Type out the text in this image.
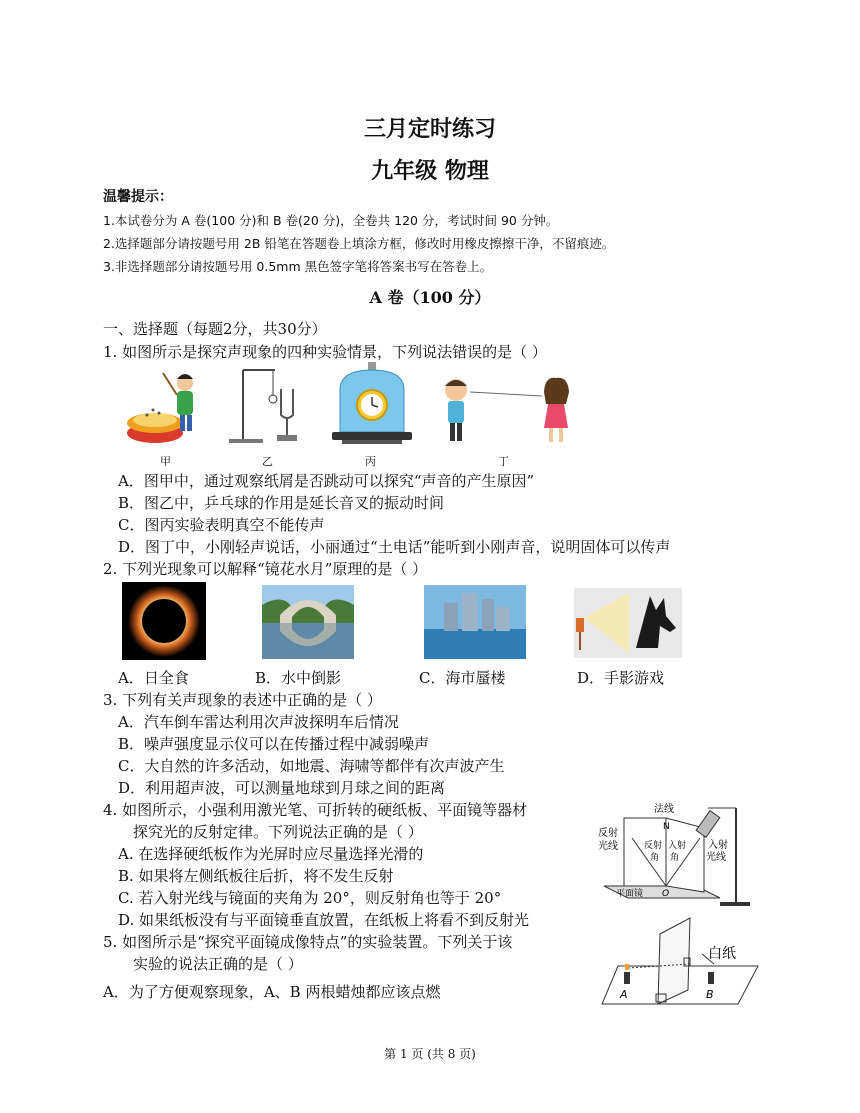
三月定时练习
九年级 物理
温馨提示：
1.本试卷分为 A 卷(100 分)和 B 卷(20 分)，全卷共 120 分，考试时间 90 分钟。
2.选择题部分请按题号用 2B 铅笔在答题卷上填涂方框，修改时用橡皮擦擦干净，不留痕迹。
3.非选择题部分请按题号用 0.5mm 黑色签字笔将答案书写在答卷上。
A 卷（100 分）
一、选择题（每题2分，共30分）
1. 如图所示是探究声现象的四种实验情景，下列说法错误的是（ ）
甲	乙	丙	丁
A．图甲中，通过观察纸屑是否跳动可以探究“声音的产生原因”
B．图乙中，乒乓球的作用是延长音叉的振动时间
C．图丙实验表明真空不能传声
D．图丁中，小刚轻声说话，小丽通过“土电话”能听到小刚声音，说明固体可以传声
2. 下列光现象可以解释“镜花水月”原理的是（ ）
A．日全食	B．水中倒影	C．海市蜃楼	D．手影游戏
3. 下列有关声现象的表述中正确的是（ ）
A．汽车倒车雷达利用次声波探明车后情况
B．噪声强度显示仪可以在传播过程中减弱噪声
C．大自然的许多活动，如地震、海啸等都伴有次声波产生
D．利用超声波，可以测量地球到月球之间的距离
4. 如图所示，小强利用激光笔、可折转的硬纸板、平面镜等器材
探究光的反射定律。下列说法正确的是（ ）
A. 在选择硬纸板作为光屏时应尽量选择光滑的
B. 如果将左侧纸板往后折，将不发生反射
C. 若入射光线与镜面的夹角为 20°，则反射角也等于 20°
D. 如果纸板没有与平面镜垂直放置，在纸板上将看不到反射光
法线
N
反射
光线	反射
角
入射
角
入射
光线
O
平面镜
5. 如图所示是“探究平面镜成像特点”的实验装置。下列关于该
实验的说法正确的是（ ）
A．为了方便观察现象，A、B 两根蜡烛都应该点燃
白纸
A	B
第 1 页 (共 8 页)
